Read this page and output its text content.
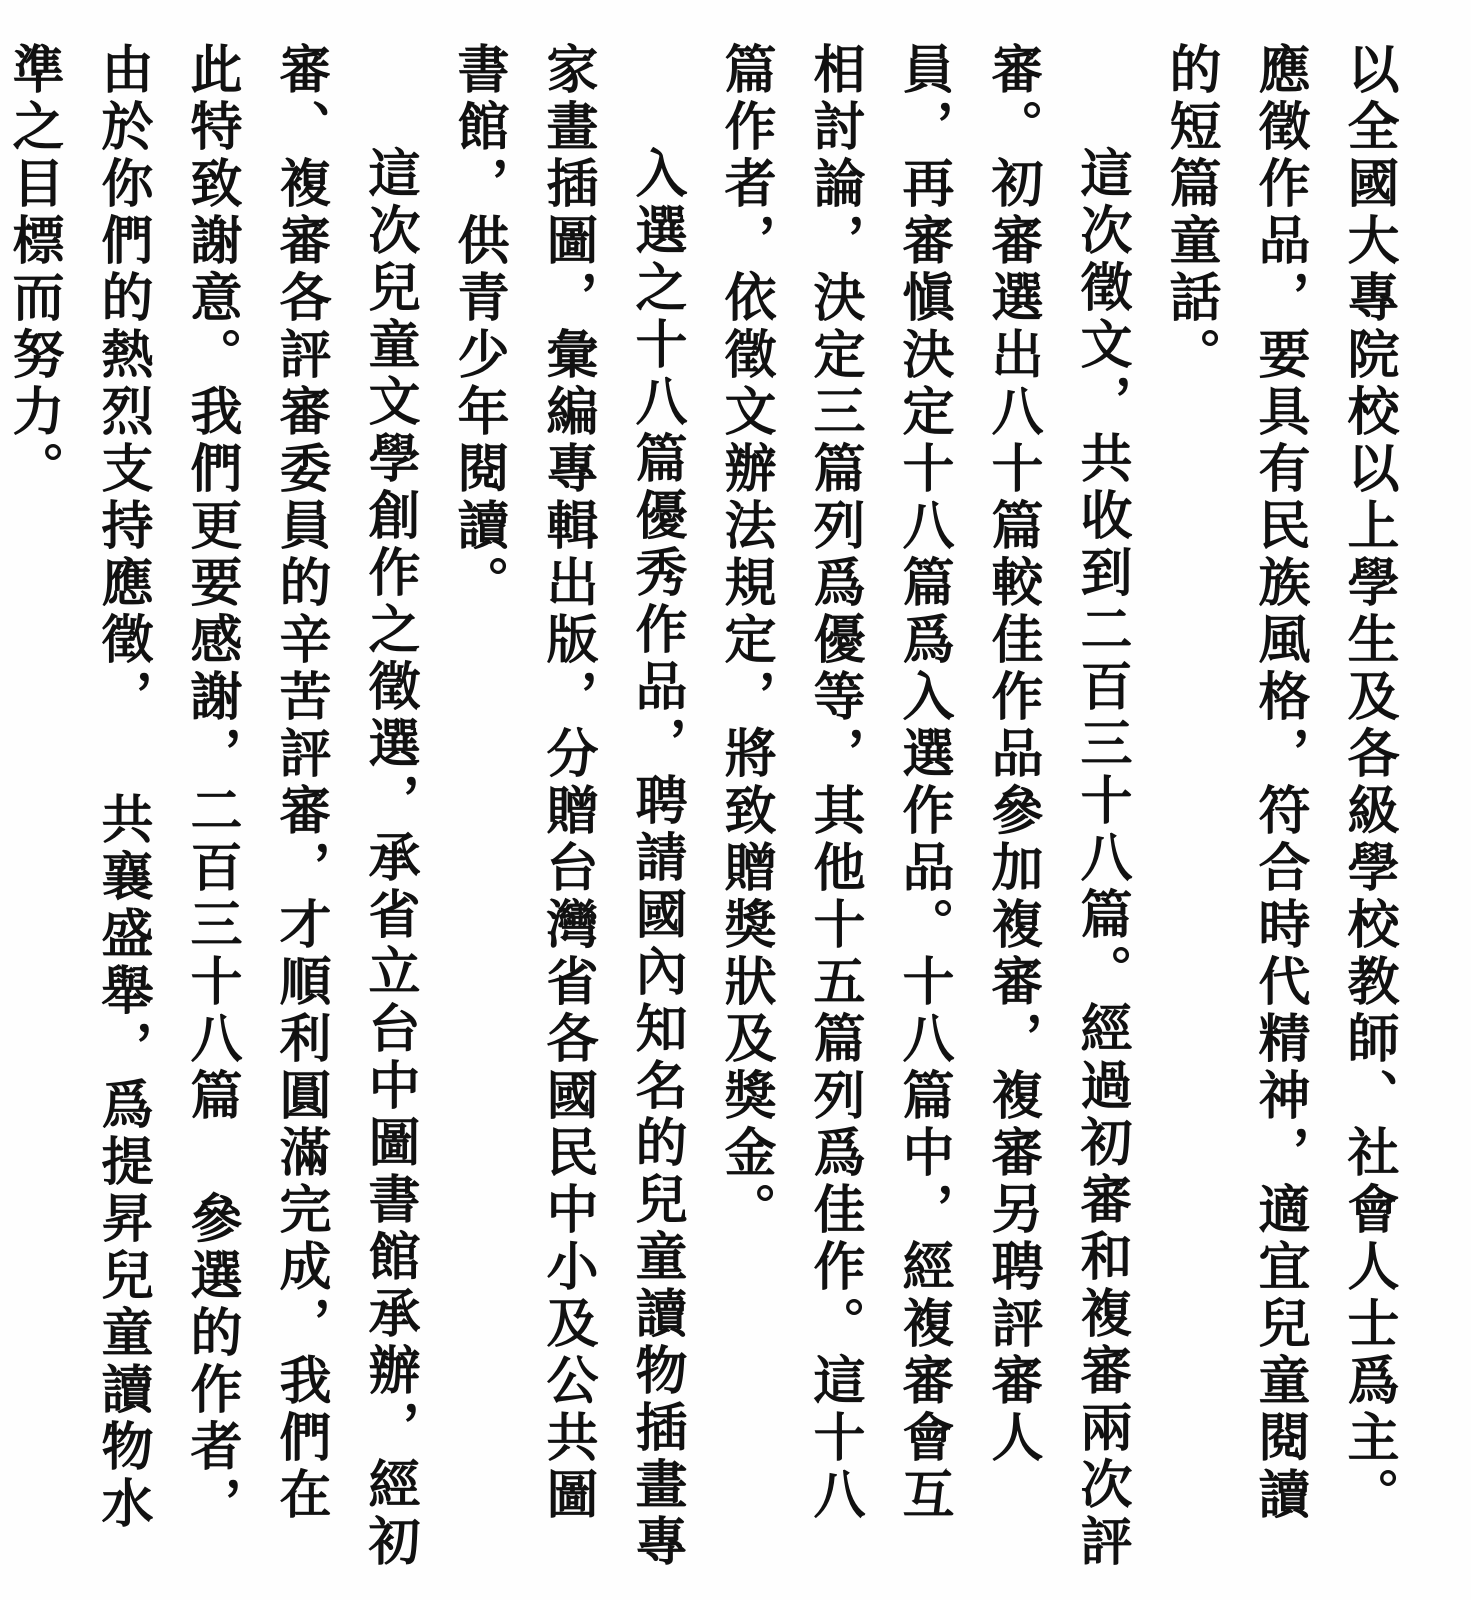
以全國大專院校以上學生及各級學校教師、社會人士爲主。應徵作品，要具有民族風格，符合時代精神，適宜兒童閱讀的短篇童話。

這次徵文，共收到二百三十八篇。經過初審和複審兩次評審。初審選出八十篇較佳作品參加複審，複審另聘評審人員，再審愼決定十八篇爲入選作品。十八篇中，經複審會互相討論，決定三篇列爲優等，其他十五篇列爲佳作。這十八篇作者，依徵文辦法規定，將致贈獎狀及獎金。

入選之十八篇優秀作品，聘請國內知名的兒童讀物插畫專家畫插圖，彙編專輯出版，分贈台灣省各國民中小及公共圖書館，供青少年閱讀。

這次兒童文學創作之徵選，承省立台中圖書館承辦，經初審、複審各評審委員的辛苦評審，才順利圓滿完成，我們在此特致謝意。我們更要感謝，二百三十八篇 參選的作者，由於你們的熱烈支持應徵， 共襄盛舉，爲提昇兒童讀物水準之目標而努力。
